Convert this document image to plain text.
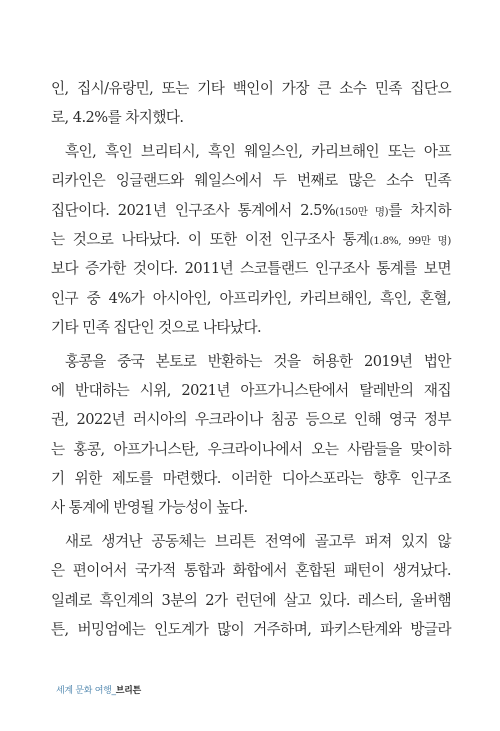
인, 집시/유랑민, 또는 기타 백인이 가장 큰 소수 민족 집단으
로, 4.2%를 차지했다.
흑인, 흑인 브리티시, 흑인 웨일스인, 카리브해인 또는 아프
리카인은 잉글랜드와 웨일스에서 두 번째로 많은 소수 민족
집단이다. 2021년 인구조사 통계에서 2.5%(150만 명)를 차지하
는 것으로 나타났다. 이 또한 이전 인구조사 통계(1.8%, 99만 명)
보다 증가한 것이다. 2011년 스코틀랜드 인구조사 통계를 보면
인구 중 4%가 아시아인, 아프리카인, 카리브해인, 흑인, 혼혈,
기타 민족 집단인 것으로 나타났다.
홍콩을 중국 본토로 반환하는 것을 허용한 2019년 법안
에 반대하는 시위, 2021년 아프가니스탄에서 탈레반의 재집
권, 2022년 러시아의 우크라이나 침공 등으로 인해 영국 정부
는 홍콩, 아프가니스탄, 우크라이나에서 오는 사람들을 맞이하
기 위한 제도를 마련했다. 이러한 디아스포라는 향후 인구조
사 통계에 반영될 가능성이 높다.
새로 생겨난 공동체는 브리튼 전역에 골고루 퍼져 있지 않
은 편이어서 국가적 통합과 화합에서 혼합된 패턴이 생겨났다.
일례로 흑인계의 3분의 2가 런던에 살고 있다. 레스터, 울버햄
튼, 버밍엄에는 인도계가 많이 거주하며, 파키스탄계와 방글라
세계 문화 여행_브리튼
